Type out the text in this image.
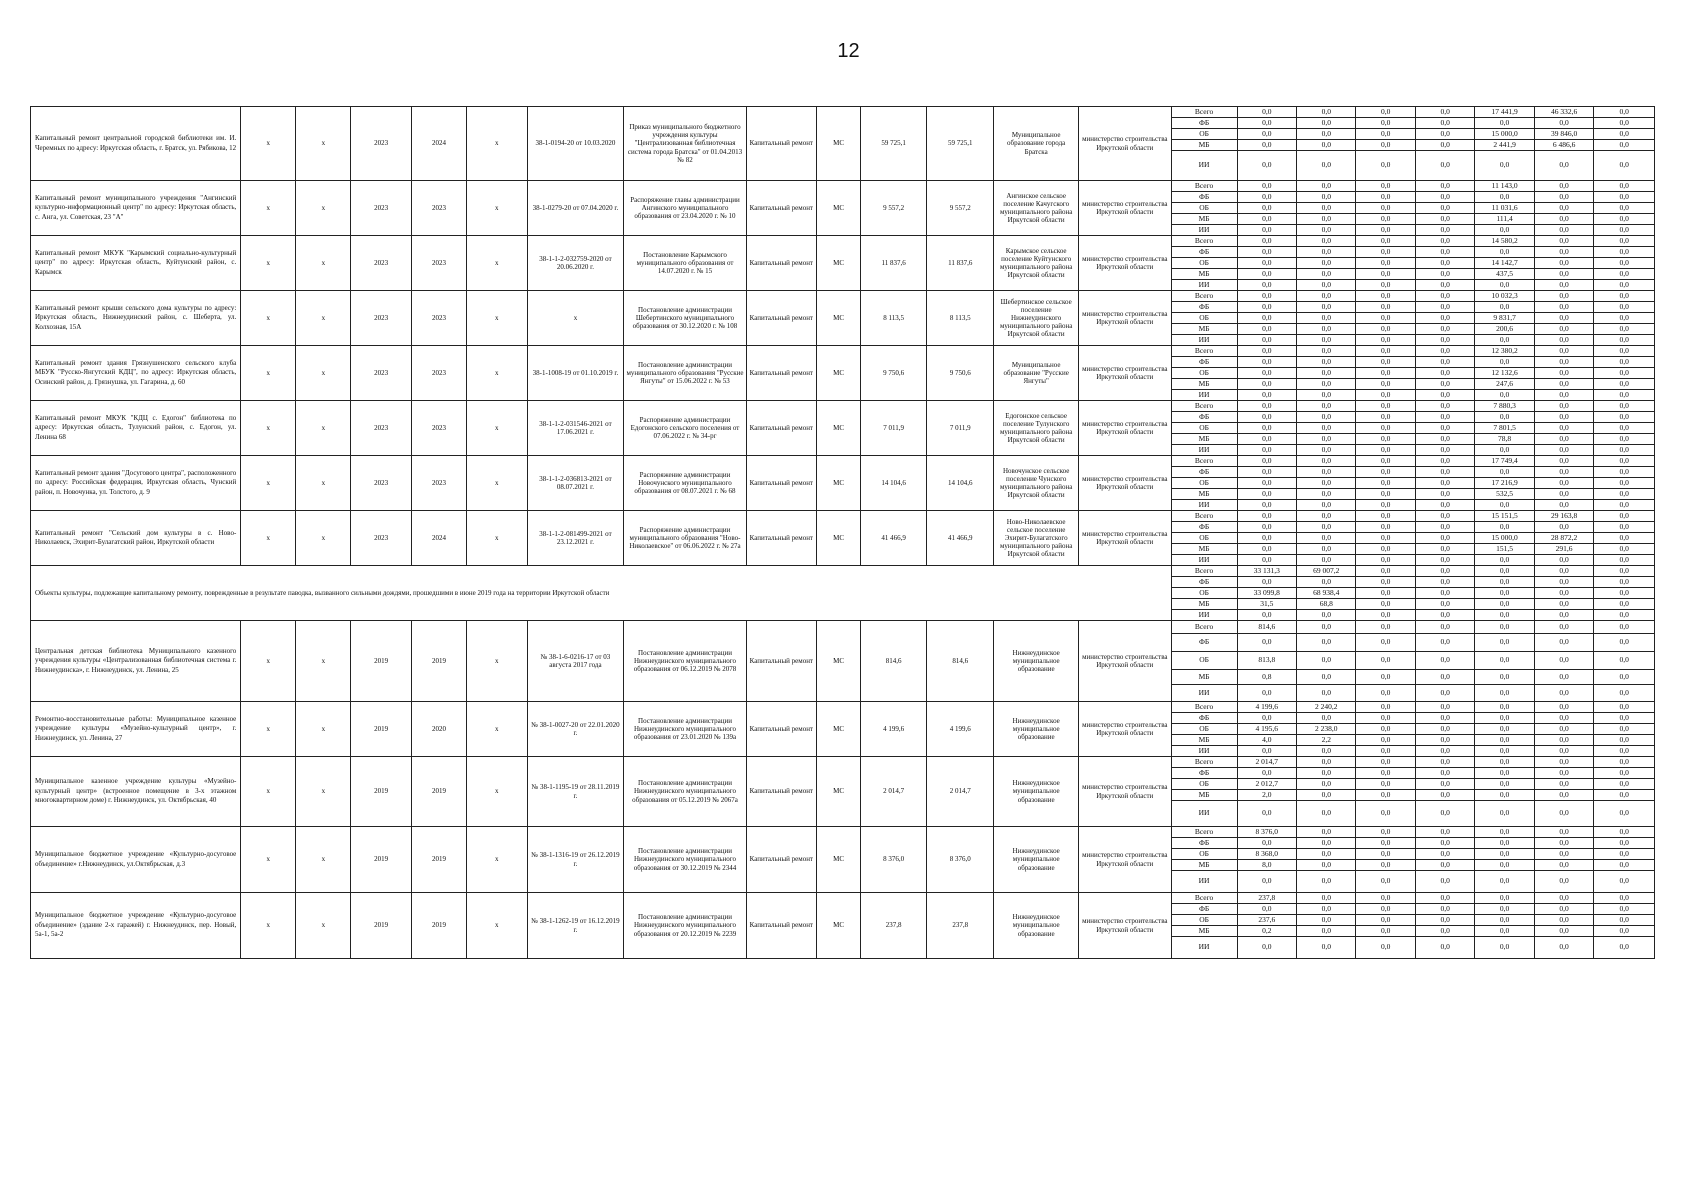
12
Капитальный ремонт центральной городской библиотеки им. И. Черемных по адресу: Иркутская область, г. Братск, ул. Рябикова, 12	х	х	2023	2024	х	38-1-0194-20 от 10.03.2020	Приказ муниципального бюджетного учреждения культуры "Централизованная библиотечная система города Братска" от 01.04.2013 № 82	Капитальный ремонт	МС	59 725,1	59 725,1	Муниципальное образование города Братска	министерство строительства Иркутской области	Всего	0,0	0,0	0,0	0,0	17 441,9	46 332,6	0,0
														ФБ	0,0	0,0	0,0	0,0	0,0	0,0	0,0
														ОБ	0,0	0,0	0,0	0,0	15 000,0	39 846,0	0,0
														МБ	0,0	0,0	0,0	0,0	2 441,9	6 486,6	0,0
														ИИ	0,0	0,0	0,0	0,0	0,0	0,0	0,0
Капитальный ремонт муниципального учреждения "Ангинский культурно-информационный центр" по адресу: Иркутская область, с. Анга, ул. Советская, 23 "А"	х	х	2023	2023	х	38-1-0279-20 от 07.04.2020 г.	Распоряжение главы администрации Ангинского муниципального образования от 23.04.2020 г. № 10	Капитальный ремонт	МС	9 557,2	9 557,2	Ангинское сельское поселение Качугского муниципального района Иркутской области	министерство строительства Иркутской области	Всего	0,0	0,0	0,0	0,0	11 143,0	0,0	0,0
														ФБ	0,0	0,0	0,0	0,0	0,0	0,0	0,0
														ОБ	0,0	0,0	0,0	0,0	11 031,6	0,0	0,0
														МБ	0,0	0,0	0,0	0,0	111,4	0,0	0,0
														ИИ	0,0	0,0	0,0	0,0	0,0	0,0	0,0
Капитальный ремонт МКУК "Карымский социально-культурный центр" по адресу: Иркутская область, Куйтунский район, с. Карымск	х	х	2023	2023	х	38-1-1-2-032759-2020 от 20.06.2020 г.	Постановление Карымского муниципального образования от 14.07.2020 г. № 15	Капитальный ремонт	МС	11 837,6	11 837,6	Карымское сельское поселение Куйтунского муниципального района Иркутской области	министерство строительства Иркутской области	Всего	0,0	0,0	0,0	0,0	14 580,2	0,0	0,0
														ФБ	0,0	0,0	0,0	0,0	0,0	0,0	0,0
														ОБ	0,0	0,0	0,0	0,0	14 142,7	0,0	0,0
														МБ	0,0	0,0	0,0	0,0	437,5	0,0	0,0
														ИИ	0,0	0,0	0,0	0,0	0,0	0,0	0,0
Капитальный ремонт крыши сельского дома культуры по адресу: Иркутская область, Нижнеудинский район, с. Шеберта, ул. Колхозная, 15А	х	х	2023	2023	х	х	Постановление администрации Шебертинского муниципального образования от 30.12.2020 г. № 108	Капитальный ремонт	МС	8 113,5	8 113,5	Шебертинское сельское поселение Нижнеудинского муниципального района Иркутской области	министерство строительства Иркутской области	Всего	0,0	0,0	0,0	0,0	10 032,3	0,0	0,0
														ФБ	0,0	0,0	0,0	0,0	0,0	0,0	0,0
														ОБ	0,0	0,0	0,0	0,0	9 831,7	0,0	0,0
														МБ	0,0	0,0	0,0	0,0	200,6	0,0	0,0
														ИИ	0,0	0,0	0,0	0,0	0,0	0,0	0,0
Капитальный ремонт здания Грязнушенского сельского клуба МБУК "Русско-Янгутский КДЦ", по адресу: Иркутская область, Осинский район, д. Грязнушка, ул. Гагарина, д. 60	х	х	2023	2023	х	38-1-1008-19 от 01.10.2019 г.	Постановление администрации муниципального образования "Русские Янгуты" от 15.06.2022 г. № 53	Капитальный ремонт	МС	9 750,6	9 750,6	Муниципальное образование "Русские Янгуты"	министерство строительства Иркутской области	Всего	0,0	0,0	0,0	0,0	12 380,2	0,0	0,0
														ФБ	0,0	0,0	0,0	0,0	0,0	0,0	0,0
														ОБ	0,0	0,0	0,0	0,0	12 132,6	0,0	0,0
														МБ	0,0	0,0	0,0	0,0	247,6	0,0	0,0
														ИИ	0,0	0,0	0,0	0,0	0,0	0,0	0,0
Капитальный ремонт МКУК "КДЦ с. Едогон" библиотека по адресу: Иркутская область, Тулунский район, с. Едогон, ул. Ленина 68	х	х	2023	2023	х	38-1-1-2-031546-2021 от 17.06.2021 г.	Распоряжение администрации Едогонского сельского поселения от 07.06.2022 г. № 34-рг	Капитальный ремонт	МС	7 011,9	7 011,9	Едогонское сельское поселение Тулунского муниципального района Иркутской области	министерство строительства Иркутской области	Всего	0,0	0,0	0,0	0,0	7 880,3	0,0	0,0
														ФБ	0,0	0,0	0,0	0,0	0,0	0,0	0,0
														ОБ	0,0	0,0	0,0	0,0	7 801,5	0,0	0,0
														МБ	0,0	0,0	0,0	0,0	78,8	0,0	0,0
														ИИ	0,0	0,0	0,0	0,0	0,0	0,0	0,0
Капитальный ремонт здания "Досугового центра", расположенного по адресу: Российская федерация, Иркутская область, Чунский район, п. Новочунка, ул. Толстого, д. 9	х	х	2023	2023	х	38-1-1-2-036813-2021 от 08.07.2021 г.	Распоряжение администрации Новочунского муниципального образования от 08.07.2021 г. № 68	Капитальный ремонт	МС	14 104,6	14 104,6	Новочунское сельское поселение Чунского муниципального района Иркутской области	министерство строительства Иркутской области	Всего	0,0	0,0	0,0	0,0	17 749,4	0,0	0,0
														ФБ	0,0	0,0	0,0	0,0	0,0	0,0	0,0
														ОБ	0,0	0,0	0,0	0,0	17 216,9	0,0	0,0
														МБ	0,0	0,0	0,0	0,0	532,5	0,0	0,0
														ИИ	0,0	0,0	0,0	0,0	0,0	0,0	0,0
Капитальный ремонт "Сельский дом культуры в с. Ново-Николаевск, Эхирит-Булагатский район, Иркутской области	х	х	2023	2024	х	38-1-1-2-081499-2021 от 23.12.2021 г.	Распоряжение администрации муниципального образования "Ново-Николаевское" от 06.06.2022 г. № 27а	Капитальный ремонт	МС	41 466,9	41 466,9	Ново-Николаевское сельское поселение Эхирит-Булагатского муниципального района Иркутской области	министерство строительства Иркутской области	Всего	0,0	0,0	0,0	0,0	15 151,5	29 163,8	0,0
														ФБ	0,0	0,0	0,0	0,0	0,0	0,0	0,0
														ОБ	0,0	0,0	0,0	0,0	15 000,0	28 872,2	0,0
														МБ	0,0	0,0	0,0	0,0	151,5	291,6	0,0
														ИИ	0,0	0,0	0,0	0,0	0,0	0,0	0,0
Объекты культуры, подлежащие капитальному ремонту, поврежденные в результате паводка, вызванного сильными дождями, прошедшими в июне 2019 года на территории Иркутской области														Всего	33 131,3	69 007,2	0,0	0,0	0,0	0,0	0,0
														ФБ	0,0	0,0	0,0	0,0	0,0	0,0	0,0
														ОБ	33 099,8	68 938,4	0,0	0,0	0,0	0,0	0,0
														МБ	31,5	68,8	0,0	0,0	0,0	0,0	0,0
														ИИ	0,0	0,0	0,0	0,0	0,0	0,0	0,0
Центральная детская библиотека Муниципального казенного учреждения культуры «Централизованная библиотечная система г. Нижнеудинска», г. Нижнеудинск, ул. Ленина, 25	х	х	2019	2019	х	№ 38-1-6-0216-17 от 03 августа 2017 года	Постановление администрации Нижнеудинского муниципального образования от 06.12.2019 № 2078	Капитальный ремонт	МС	814,6	814,6	Нижнеудинское муниципальное образование	министерство строительства Иркутской области	Всего	814,6	0,0	0,0	0,0	0,0	0,0	0,0
														ФБ	0,0	0,0	0,0	0,0	0,0	0,0	0,0
														ОБ	813,8	0,0	0,0	0,0	0,0	0,0	0,0
														МБ	0,8	0,0	0,0	0,0	0,0	0,0	0,0
														ИИ	0,0	0,0	0,0	0,0	0,0	0,0	0,0
Ремонтно-восстановительные работы: Муниципальное казенное учреждение культуры «Музейно-культурный центр», г. Нижнеудинск, ул. Ленина, 27	х	х	2019	2020	х	№ 38-1-0027-20 от 22.01.2020 г.	Постановление администрации Нижнеудинского муниципального образования от 23.01.2020 № 139а	Капитальный ремонт	МС	4 199,6	4 199,6	Нижнеудинское муниципальное образование	министерство строительства Иркутской области	Всего	4 199,6	2 240,2	0,0	0,0	0,0	0,0	0,0
														ФБ	0,0	0,0	0,0	0,0	0,0	0,0	0,0
														ОБ	4 195,6	2 238,0	0,0	0,0	0,0	0,0	0,0
														МБ	4,0	2,2	0,0	0,0	0,0	0,0	0,0
														ИИ	0,0	0,0	0,0	0,0	0,0	0,0	0,0
Муниципальное казенное учреждение культуры «Музейно-культурный центр» (встроенное помещение в 3-х этажном многоквартирном доме) г. Нижнеудинск, ул. Октябрьская, 40	х	х	2019	2019	х	№ 38-1-1195-19 от 28.11.2019 г.	Постановление администрации Нижнеудинского муниципального образования от 05.12.2019 № 2067а	Капитальный ремонт	МС	2 014,7	2 014,7	Нижнеудинское муниципальное образование	министерство строительства Иркутской области	Всего	2 014,7	0,0	0,0	0,0	0,0	0,0	0,0
														ФБ	0,0	0,0	0,0	0,0	0,0	0,0	0,0
														ОБ	2 012,7	0,0	0,0	0,0	0,0	0,0	0,0
														МБ	2,0	0,0	0,0	0,0	0,0	0,0	0,0
														ИИ	0,0	0,0	0,0	0,0	0,0	0,0	0,0
Муниципальное бюджетное учреждение «Культурно-досуговое объединение» г.Нижнеудинск, ул.Октябрьская, д.3	х	х	2019	2019	х	№ 38-1-1316-19 от 26.12.2019 г.	Постановление администрации Нижнеудинского муниципального образования от 30.12.2019 № 2344	Капитальный ремонт	МС	8 376,0	8 376,0	Нижнеудинское муниципальное образование	министерство строительства Иркутской области	Всего	8 376,0	0,0	0,0	0,0	0,0	0,0	0,0
														ФБ	0,0	0,0	0,0	0,0	0,0	0,0	0,0
														ОБ	8 368,0	0,0	0,0	0,0	0,0	0,0	0,0
														МБ	8,0	0,0	0,0	0,0	0,0	0,0	0,0
														ИИ	0,0	0,0	0,0	0,0	0,0	0,0	0,0
Муниципальное бюджетное учреждение «Культурно-досуговое объединение» (здание 2-х гаражей) г. Нижнеудинск, пер. Новый, 5а-1, 5а-2	х	х	2019	2019	х	№ 38-1-1262-19 от 16.12.2019 г.	Постановление администрации Нижнеудинского муниципального образования от 20.12.2019 № 2239	Капитальный ремонт	МС	237,8	237,8	Нижнеудинское муниципальное образование	министерство строительства Иркутской области	Всего	237,8	0,0	0,0	0,0	0,0	0,0	0,0
														ФБ	0,0	0,0	0,0	0,0	0,0	0,0	0,0
														ОБ	237,6	0,0	0,0	0,0	0,0	0,0	0,0
														МБ	0,2	0,0	0,0	0,0	0,0	0,0	0,0
														ИИ	0,0	0,0	0,0	0,0	0,0	0,0	0,0
